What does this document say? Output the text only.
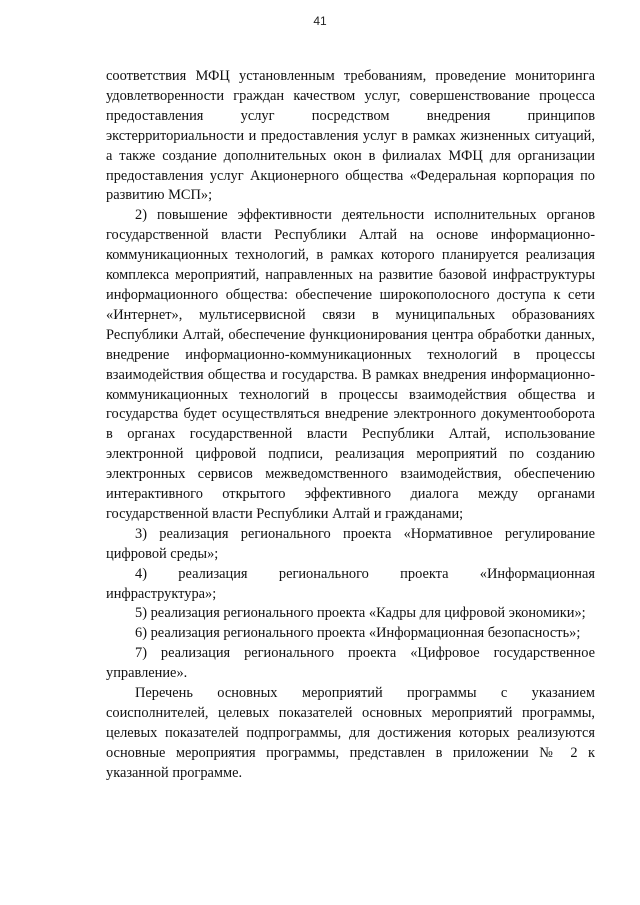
41

соответствия МФЦ установленным требованиям, проведение мониторинга удовлетворенности граждан качеством услуг, совершенствование процесса предоставления услуг посредством внедрения принципов экстерриториальности и предоставления услуг в рамках жизненных ситуаций, а также создание дополнительных окон в филиалах МФЦ для организации предоставления услуг Акционерного общества «Федеральная корпорация по развитию МСП»;

2) повышение эффективности деятельности исполнительных органов государственной власти Республики Алтай на основе информационно-коммуникационных технологий, в рамках которого планируется реализация комплекса мероприятий, направленных на развитие базовой инфраструктуры информационного общества: обеспечение широкополосного доступа к сети «Интернет», мультисервисной связи в муниципальных образованиях Республики Алтай, обеспечение функционирования центра обработки данных, внедрение информационно-коммуникационных технологий в процессы взаимодействия общества и государства. В рамках внедрения информационно-коммуникационных технологий в процессы взаимодействия общества и государства будет осуществляться внедрение электронного документооборота в органах государственной власти Республики Алтай, использование электронной цифровой подписи, реализация мероприятий по созданию электронных сервисов межведомственного взаимодействия, обеспечению интерактивного открытого эффективного диалога между органами государственной власти Республики Алтай и гражданами;

3) реализация регионального проекта «Нормативное регулирование цифровой среды»;

4) реализация регионального проекта «Информационная инфраструктура»;

5) реализация регионального проекта «Кадры для цифровой экономики»;

6) реализация регионального проекта «Информационная безопасность»;

7) реализация регионального проекта «Цифровое государственное управление».

Перечень основных мероприятий программы с указанием соисполнителей, целевых показателей основных мероприятий программы, целевых показателей подпрограммы, для достижения которых реализуются основные мероприятия программы, представлен в приложении № 2 к указанной программе.
